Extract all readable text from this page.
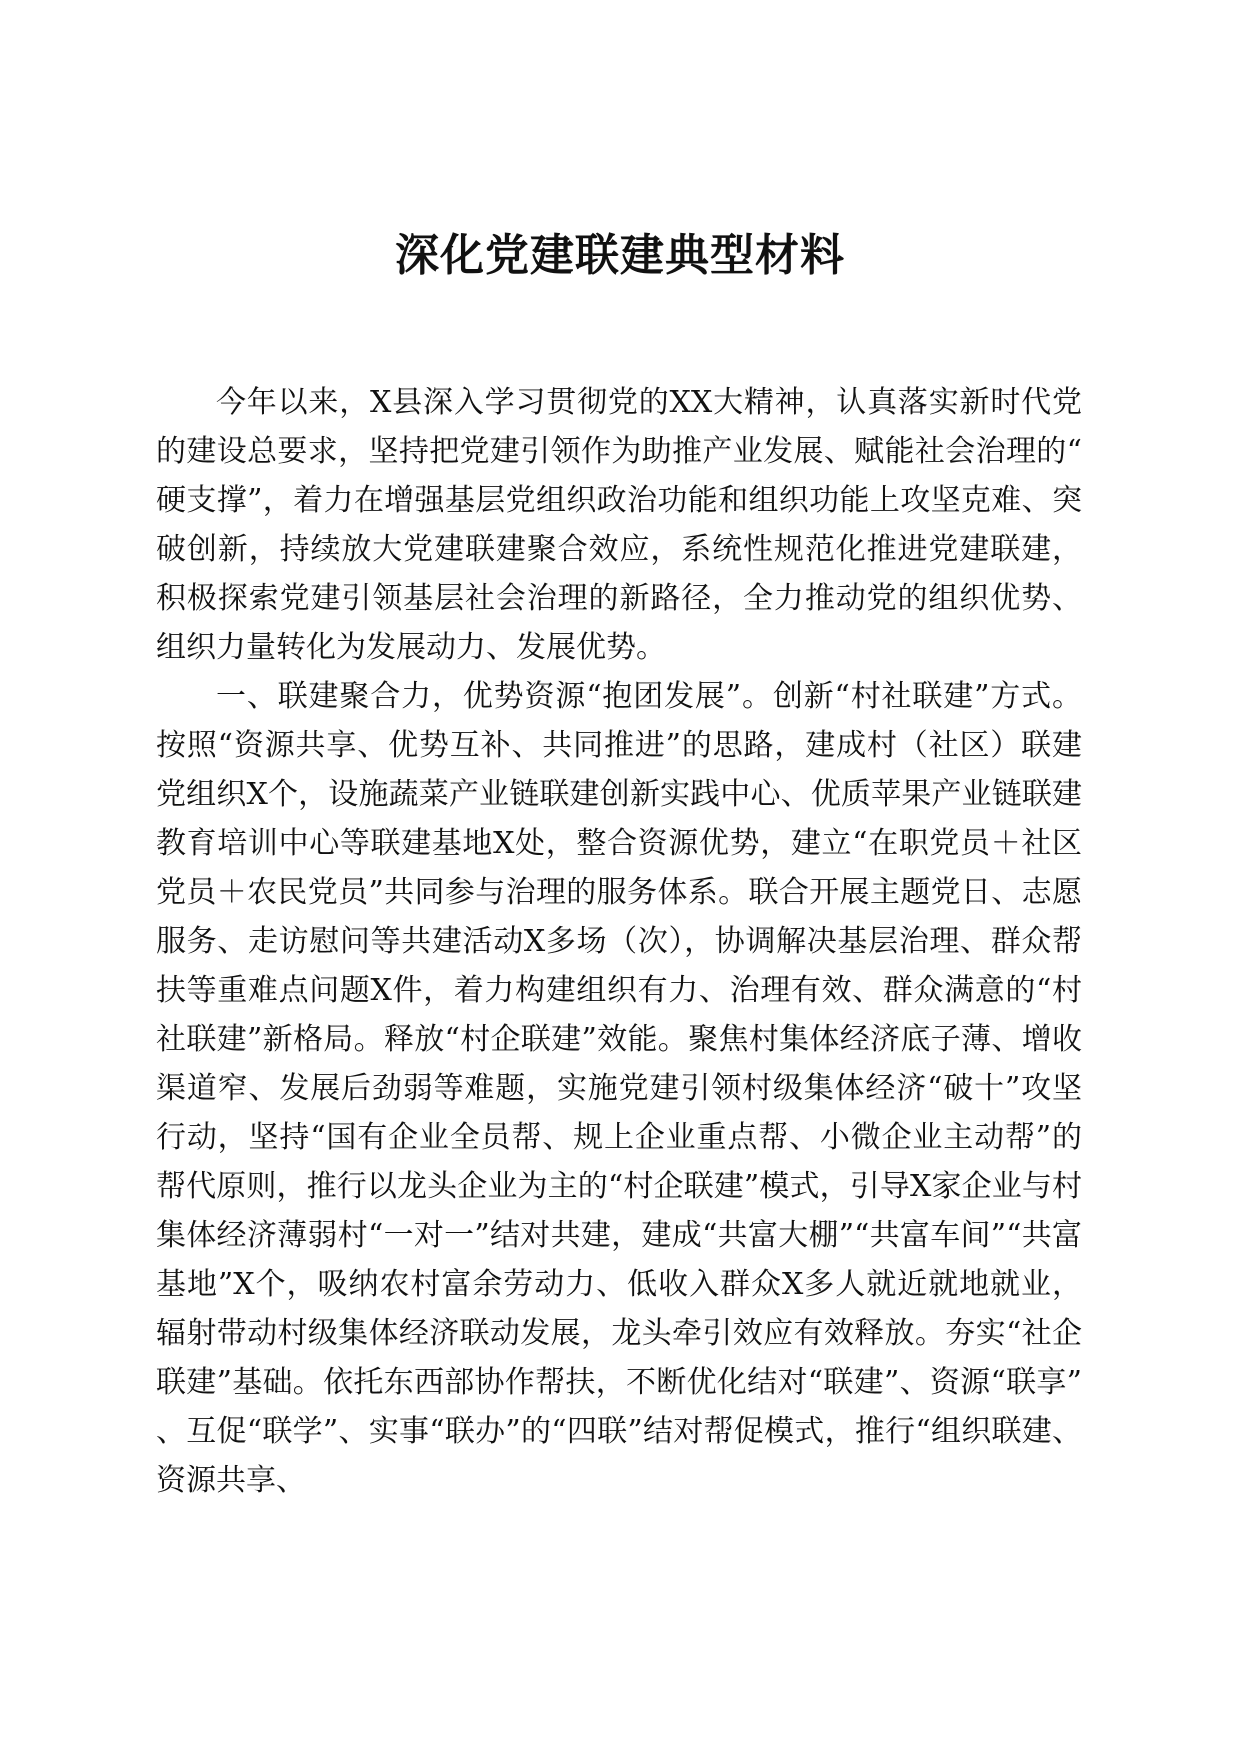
深化党建联建典型材料

今年以来，X县深入学习贯彻党的XX大精神，认真落实新时代党的建设总要求，坚持把党建引领作为助推产业发展、赋能社会治理的“硬支撑”，着力在增强基层党组织政治功能和组织功能上攻坚克难、突破创新，持续放大党建联建聚合效应，系统性规范化推进党建联建，积极探索党建引领基层社会治理的新路径，全力推动党的组织优势、组织力量转化为发展动力、发展优势。

一、联建聚合力，优势资源“抱团发展”。创新“村社联建”方式。按照“资源共享、优势互补、共同推进”的思路，建成村（社区）联建党组织X个，设施蔬菜产业链联建创新实践中心、优质苹果产业链联建教育培训中心等联建基地X处，整合资源优势，建立“在职党员＋社区党员＋农民党员”共同参与治理的服务体系。联合开展主题党日、志愿服务、走访慰问等共建活动X多场（次），协调解决基层治理、群众帮扶等重难点问题X件，着力构建组织有力、治理有效、群众满意的“村社联建”新格局。释放“村企联建”效能。聚焦村集体经济底子薄、增收渠道窄、发展后劲弱等难题，实施党建引领村级集体经济“破十”攻坚行动，坚持“国有企业全员帮、规上企业重点帮、小微企业主动帮”的帮代原则，推行以龙头企业为主的“村企联建”模式，引导X家企业与村集体经济薄弱村“一对一”结对共建，建成“共富大棚”“共富车间”“共富基地”X个，吸纳农村富余劳动力、低收入群众X多人就近就地就业，辐射带动村级集体经济联动发展，龙头牵引效应有效释放。夯实“社企联建”基础。依托东西部协作帮扶，不断优化结对“联建”、资源“联享”、互促“联学”、实事“联办”的“四联”结对帮促模式，推行“组织联建、资源共享、
